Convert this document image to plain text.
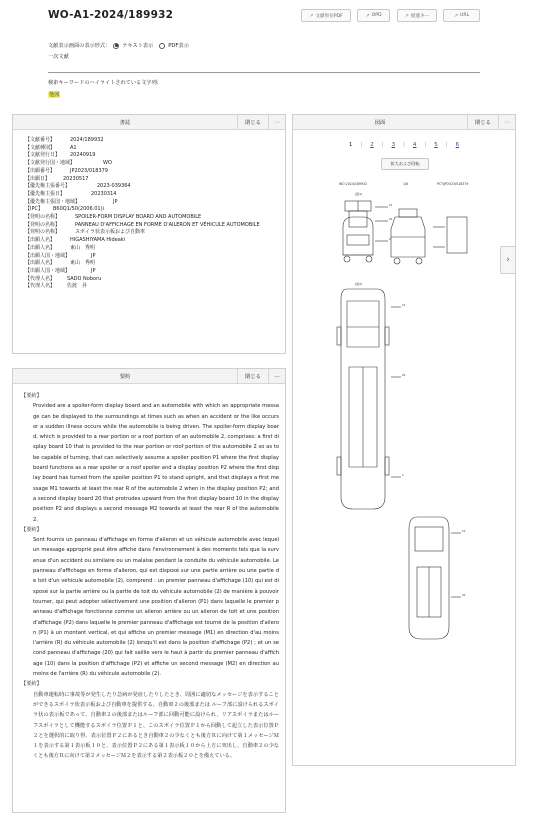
WO-A1-2024/189932	↗ 文献単位PDF	↗ OPD	↗ 経過キー	↗ URL
文献表示画面の表示形式： テキスト表示	PDF表示
一次文献
検索キーワードのハイライトされている文字列:
他図
書誌	閉じる	⋯
【文献番号】	2024/189932
【文献種別】	A1
【文献発行日】	20240919
【文献発行国・地域】	WO
【出願番号】	JP2023/018379
【出願日】	20230517
【優先権主張番号】	2023-039364
【優先権主張日】	20230314
【優先権主張国・地域】	JP
【IPC】	B60Q1/50(2006.01)i
【発明の名称】	SPOILER-FORM DISPLAY BOARD AND AUTOMOBILE
【発明の名称】	PANNEAU D'AFFICHAGE EN FORME D'AILERON ET VÉHICULE AUTOMOBILE
【発明の名称】	スポイラ状表示板および自動車
【出願人名】	HIGASHIYAMA Hideaki
【出願人名】	東山　秀明
【出願人国・地域】	JP
【出願人名】	東山　秀明
【出願人国・地域】	JP
【代理人名】	SADO Noboru
【代理人名】	佐渡　昇
図面	閉じる	⋯
1	|	2	|	3	|	4	|	5	|	6
拡大および回転
WO 2024/189932	1/6	PCT/JP2023/018379
[図1]
[図2]
10
20
2
10
20
2
10
20
›
要約	閉じる	—
【要約】
Provided are a spoiler-form display board and an automobile with which an appropriate message can be displayed to the surroundings at times such as when an accident or the like occurs or a sudden illness occurs while the automobile is being driven. The spoiler-form display board, which is provided to a rear portion or a roof portion of an automobile 2, comprises: a first display board 10 that is provided to the rear portion or roof portion of the automobile 2 so as to be capable of turning, that can selectively assume a spoiler position P1 where the first display board functions as a rear spoiler or a roof spoiler and a display position P2 where the first display board has turned from the spoiler position P1 to stand upright, and that displays a first message M1 towards at least the rear R of the automobile 2 when in the display position P2; and a second display board 20 that protrudes upward from the first display board 10 in the display position P2 and displays a second message M2 towards at least the rear R of the automobile 2.
【要約】
Sont fournis un panneau d'affichage en forme d'aileron et un véhicule automobile avec lequel un message approprié peut être affiché dans l'environnement à des moments tels que la survenue d'un accident ou similaire ou un malaise pendant la conduite du véhicule automobile. Le panneau d'affichage en forme d'aileron, qui est disposé sur une partie arrière ou une partie de toit d'un véhicule automobile (2), comprend : un premier panneau d'affichage (10) qui est disposé sur la partie arrière ou la partie de toit du véhicule automobile (2) de manière à pouvoir tourner, qui peut adopter sélectivement une position d'aileron (P1) dans laquelle le premier panneau d'affichage fonctionne comme un aileron arrière ou un aileron de toit et une position d'affichage (P2) dans laquelle le premier panneau d'affichage est tourné de la position d'aileron (P1) à un montant vertical, et qui affiche un premier message (M1) en direction d'au moins l'arrière (R) du véhicule automobile (2) lorsqu'il est dans la position d'affichage (P2) ; et un second panneau d'affichage (20) qui fait saillie vers le haut à partir du premier panneau d'affichage (10) dans la position d'affichage (P2) et affiche un second message (M2) en direction au moins de l'arrière (R) du véhicule automobile (2).
【要約】
自動車運転時に事故等が発生したり急病が発症したりしたとき、周囲に適切なメッセージを表示することができるスポイラ状表示板および自動車を提供する。自動車２の後部または ルーフ部に設けられるスポイラ状の表示板であって、自動車２の後部またはルーフ部に回動可能に設けられ、リアスポイラまたはルーフスポイラとして機能するスポイラ位置Ｐ１と、このスポイラ位置Ｐ１から回動して起立した表示位置Ｐ２とを選択的に取り得、表示位置Ｐ２にあるとき自動車２の少なくとも後方Ｒに向けて第１メッセージＭ１を表示する第１表示板１０と、表示位置Ｐ２にある第１表示板１０から上方に突出し、自動車２の少なくとも後方Ｒに向けて第２メッセージＭ２を表示する第２表示板２０とを備えている。
